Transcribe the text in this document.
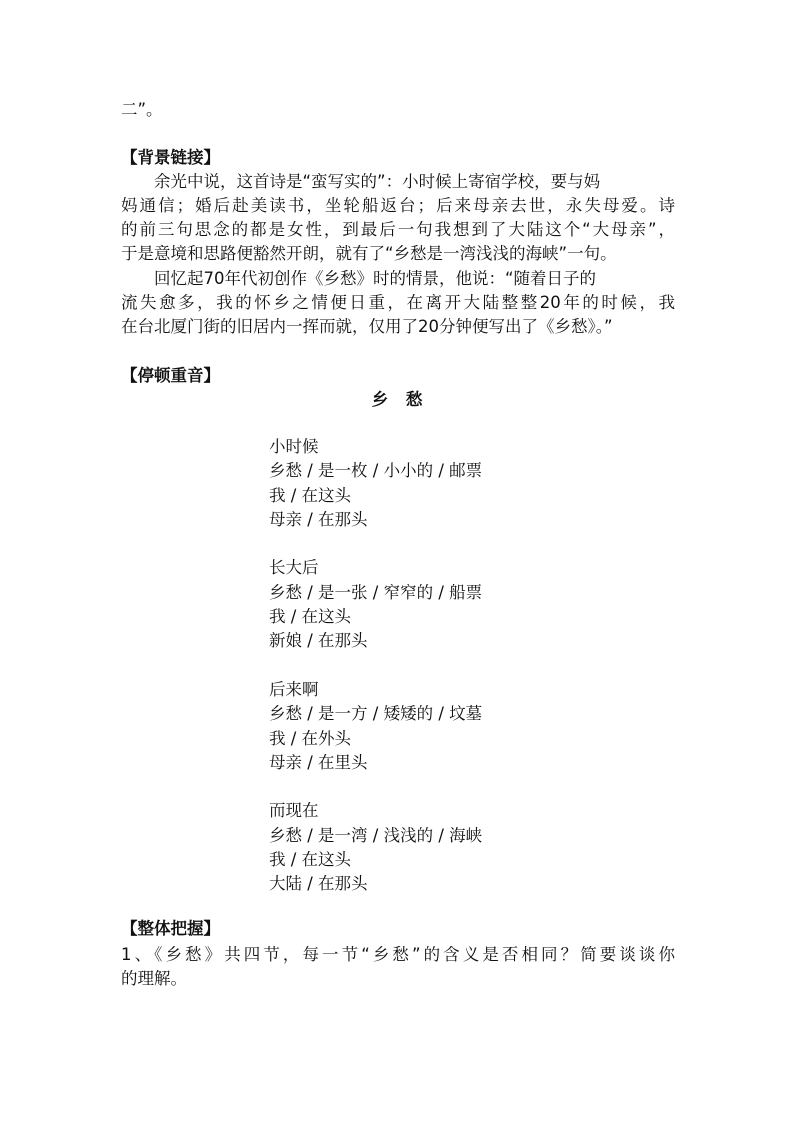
二”。
【背景链接】
余光中说，这首诗是“蛮写实的”：小时候上寄宿学校，要与妈
妈通信；婚后赴美读书，坐轮船返台；后来母亲去世，永失母爱。诗
的前三句思念的都是女性，到最后一句我想到了大陆这个“大母亲”，
于是意境和思路便豁然开朗，就有了“乡愁是一湾浅浅的海峡”一句。
回忆起70年代初创作《乡愁》时的情景，他说：“随着日子的
流失愈多，我的怀乡之情便日重，在离开大陆整整20年的时候，我
在台北厦门街的旧居内一挥而就，仅用了20分钟便写出了《乡愁》。”
【停顿重音】
乡 愁
小时候
乡愁 / 是一枚 / 小小的 / 邮票
我 / 在这头
母亲 / 在那头
长大后
乡愁 / 是一张 / 窄窄的 / 船票
我 / 在这头
新娘 / 在那头
后来啊
乡愁 / 是一方 / 矮矮的 / 坟墓
我 / 在外头
母亲 / 在里头
而现在
乡愁 / 是一湾 / 浅浅的 / 海峡
我 / 在这头
大陆 / 在那头
【整体把握】
1、《乡愁》共四节，每一节“乡愁”的含义是否相同？简要谈谈你
的理解。
